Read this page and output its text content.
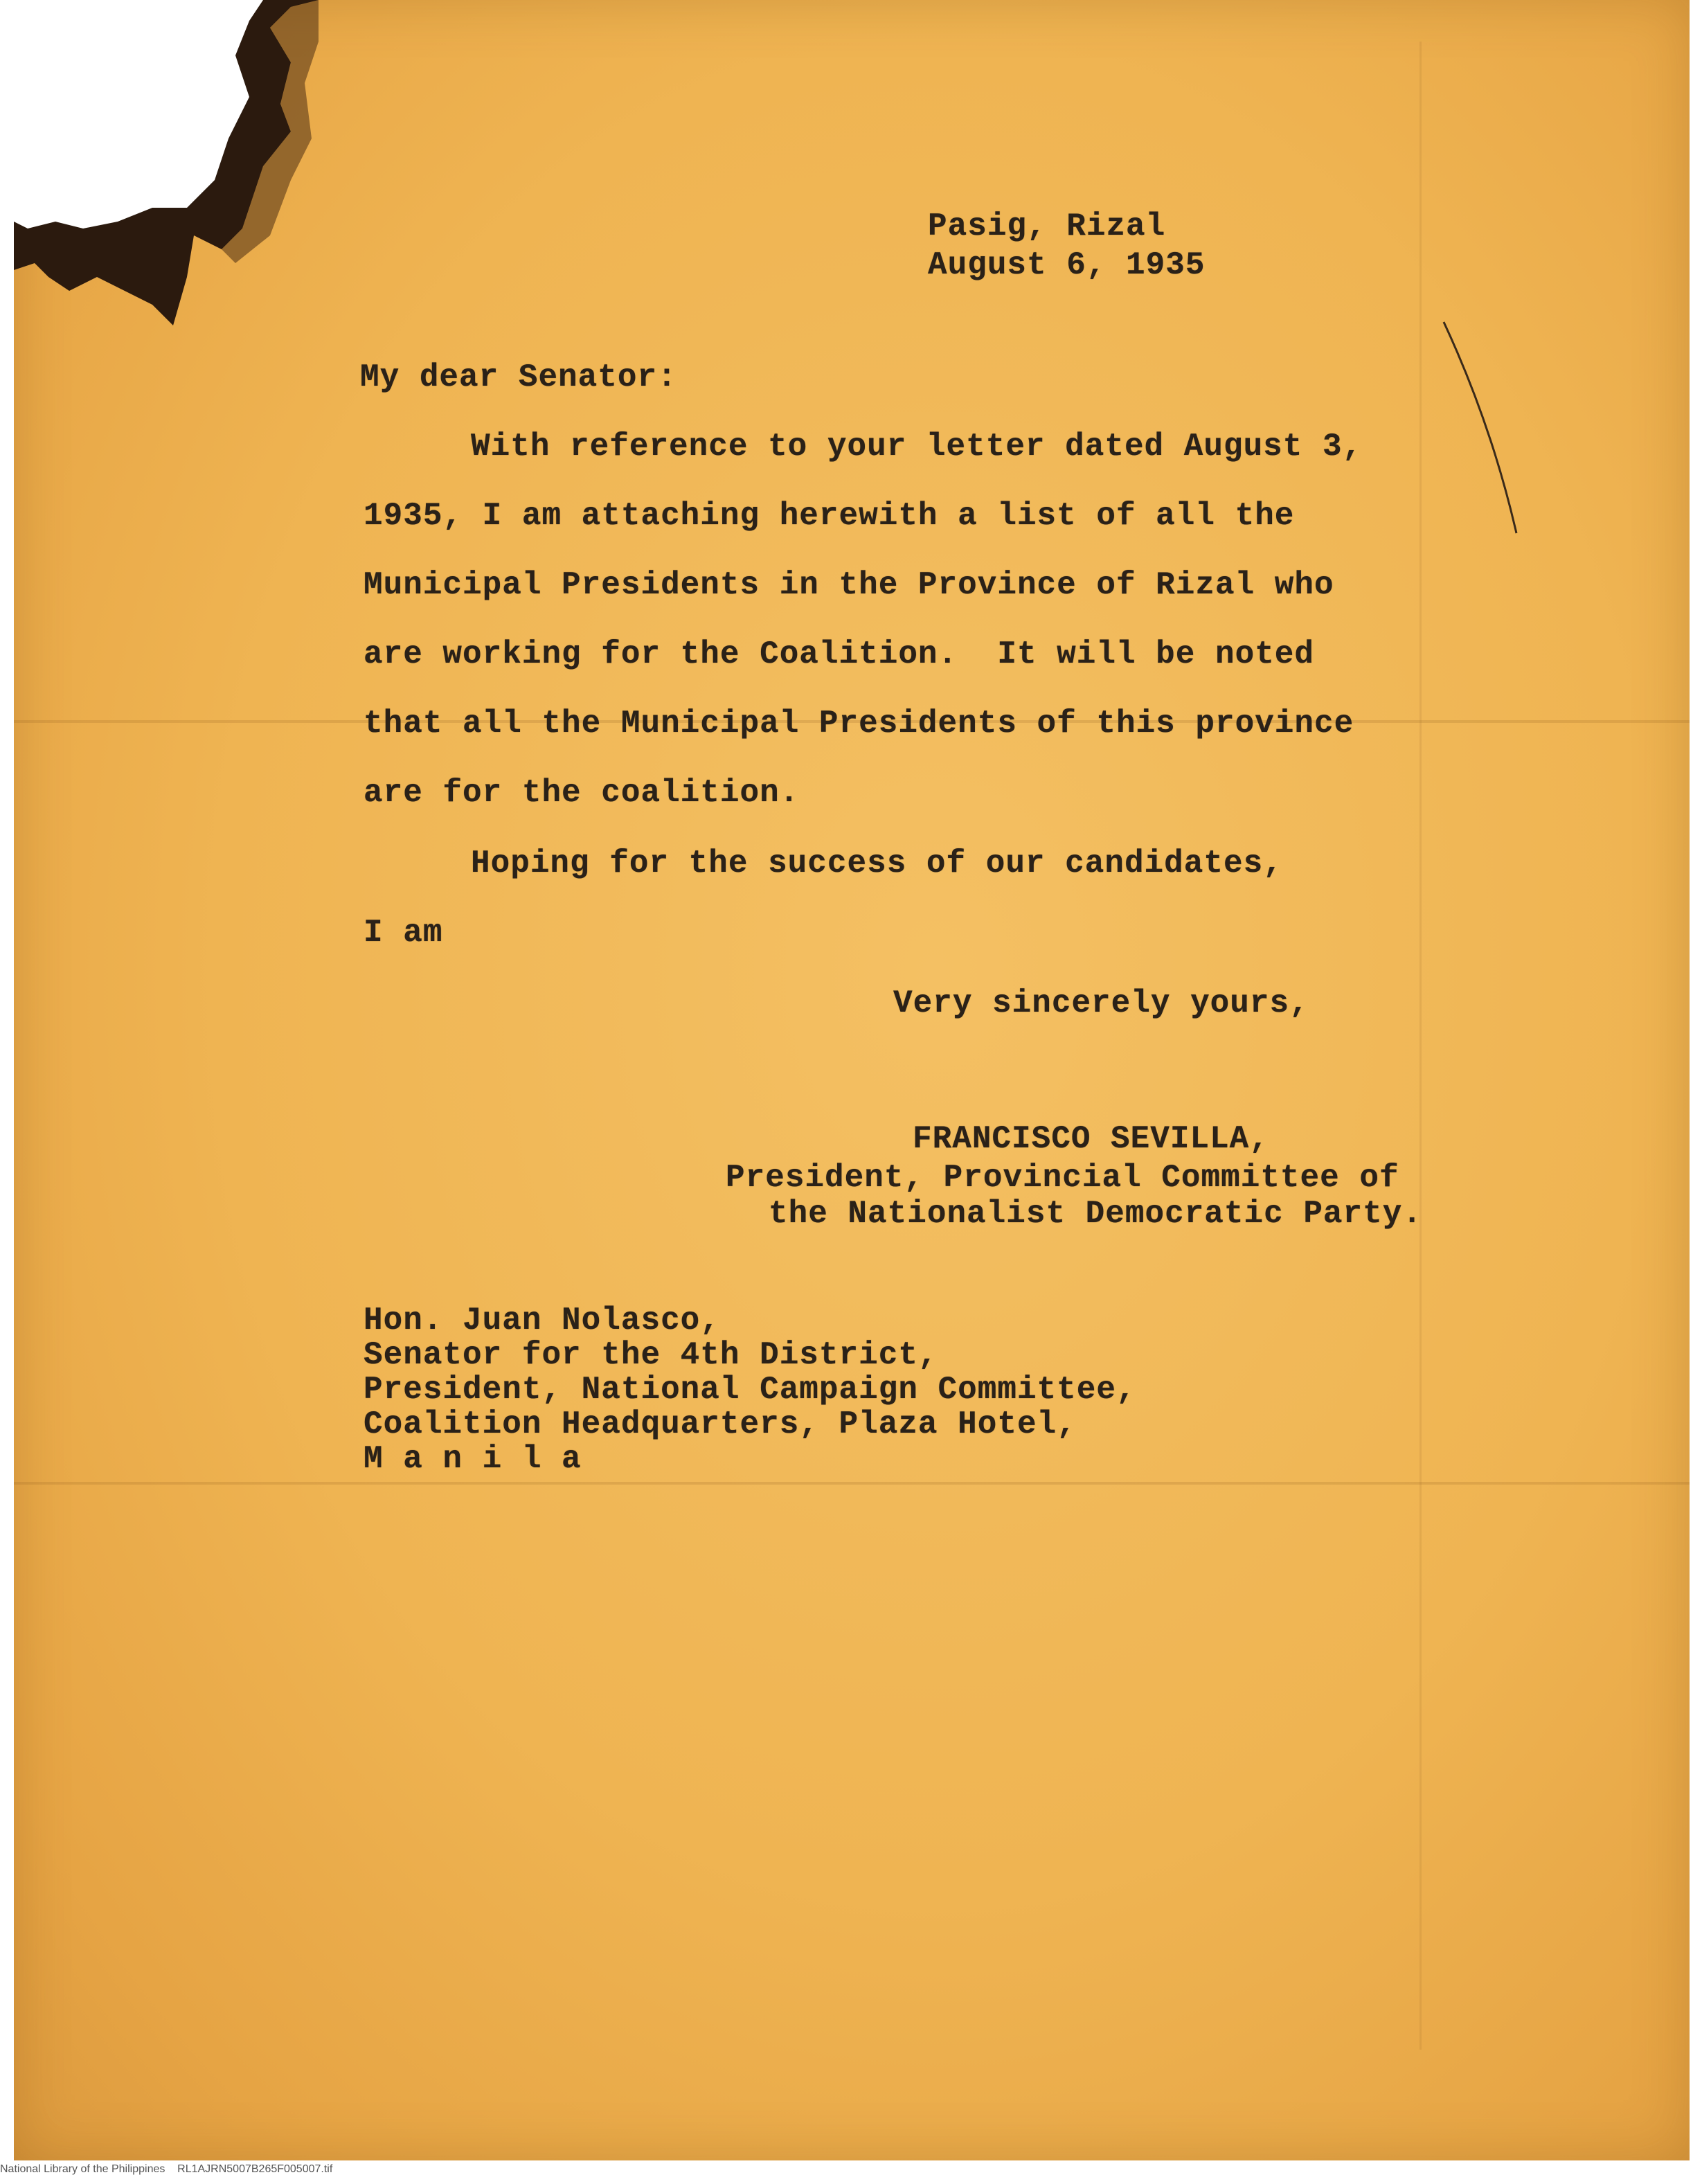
Pasig, Rizal
August 6, 1935
My dear Senator:
With reference to your letter dated August 3,
1935, I am attaching herewith a list of all the
Municipal Presidents in the Province of Rizal who
are working for the Coalition.  It will be noted
that all the Municipal Presidents of this province
are for the coalition.
Hoping for the success of our candidates,
I am
Very sincerely yours,
FRANCISCO SEVILLA,
President, Provincial Committee of
the Nationalist Democratic Party.
Hon. Juan Nolasco,
Senator for the 4th District,
President, National Campaign Committee,
Coalition Headquarters, Plaza Hotel,
M a n i l a
National Library of the Philippines    RL1AJRN5007B265F005007.tif
